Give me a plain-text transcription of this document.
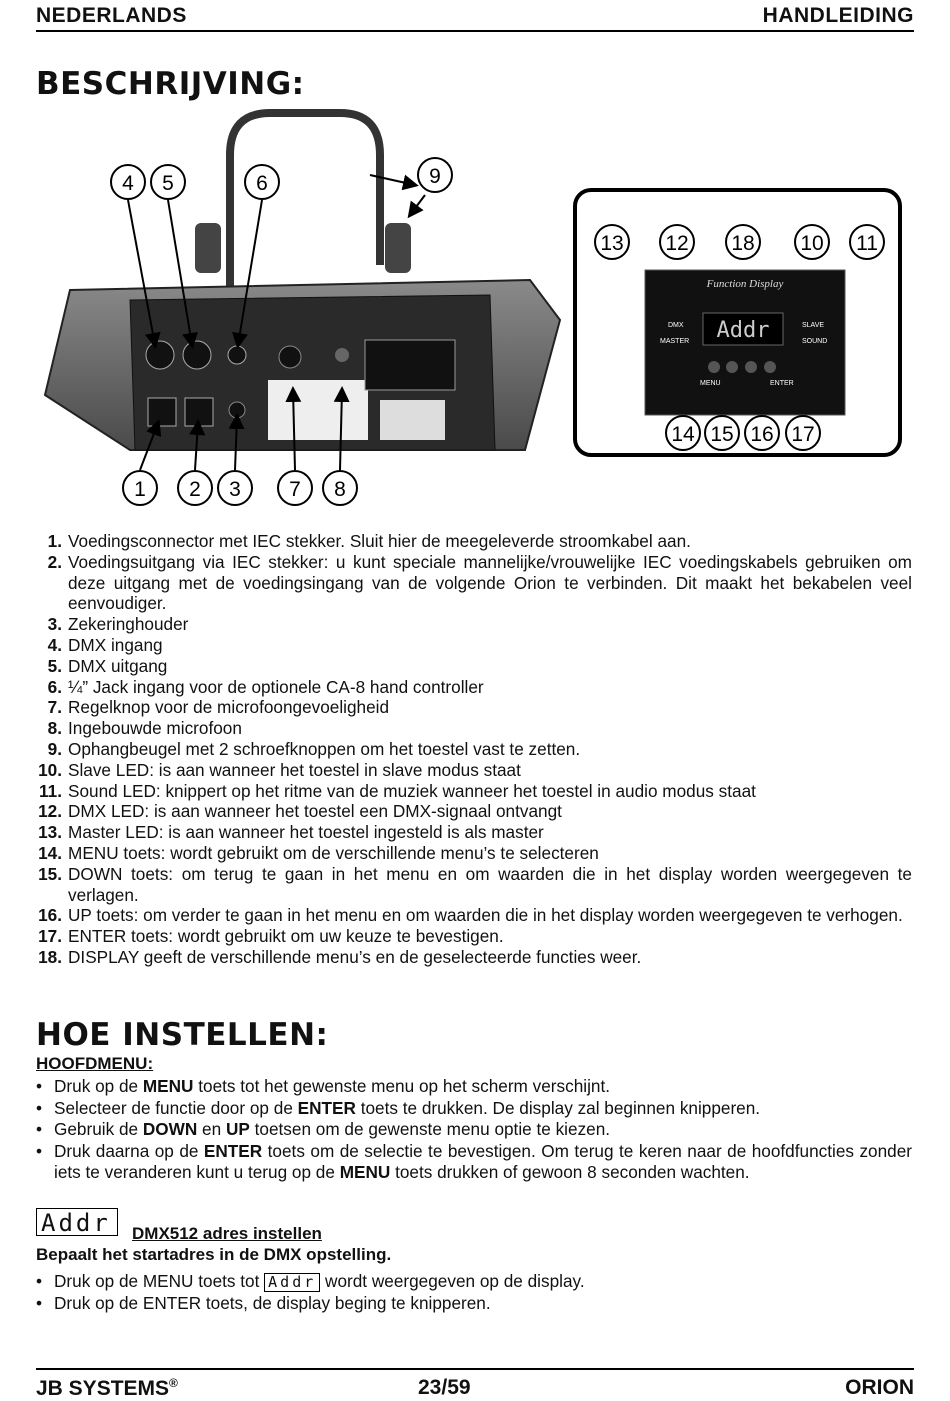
NEDERLANDS	HANDLEIDING
BESCHRIJVING:
Function Display
Addr
DMX
MASTER
SLAVE
SOUND
MENU	ENTER
4 5	6	9
13 12 18 10 11
14 15 16 17
1 2 3 7 8
1. Voedingsconnector met IEC stekker. Sluit hier de meegeleverde stroomkabel aan.
2. Voedingsuitgang via IEC stekker: u kunt speciale mannelijke/vrouwelijke IEC voedingskabels gebruiken om deze uitgang met de voedingsingang van de volgende Orion te verbinden. Dit maakt het bekabelen veel eenvoudiger.
3. Zekeringhouder
4. DMX ingang
5. DMX uitgang
6. ¼” Jack ingang voor de optionele CA-8 hand controller
7. Regelknop voor de microfoongevoeligheid
8. Ingebouwde microfoon
9. Ophangbeugel met 2 schroefknoppen om het toestel vast te zetten.
10. Slave LED: is aan wanneer het toestel in slave modus staat
11. Sound LED: knippert op het ritme van de muziek wanneer het toestel in audio modus staat
12. DMX LED: is aan wanneer het toestel een DMX-signaal ontvangt
13. Master LED: is aan wanneer het toestel ingesteld is als master
14. MENU toets: wordt gebruikt om de verschillende menu’s te selecteren
15. DOWN toets: om terug te gaan in het menu en om waarden die in het display worden weergegeven te verlagen.
16. UP toets: om verder te gaan in het menu en om waarden die in het display worden weergegeven te verhogen.
17. ENTER toets: wordt gebruikt om uw keuze te bevestigen.
18. DISPLAY geeft de verschillende menu’s en de geselecteerde functies weer.
HOE INSTELLEN:
HOOFDMENU:
• Druk op de MENU toets tot het gewenste menu op het scherm verschijnt.
• Selecteer de functie door op de ENTER toets te drukken. De display zal beginnen knipperen.
• Gebruik de DOWN en UP toetsen om de gewenste menu optie te kiezen.
• Druk daarna op de ENTER toets om de selectie te bevestigen. Om terug te keren naar de hoofdfuncties zonder iets te veranderen kunt u terug op de MENU toets drukken of gewoon 8 seconden wachten.
Addr	DMX512 adres instellen
Bepaalt het startadres in de DMX opstelling.
• Druk op de MENU toets tot Addr wordt weergegeven op de display.
• Druk op de ENTER toets, de display beging te knipperen.
JB SYSTEMS®	23/59	ORION
